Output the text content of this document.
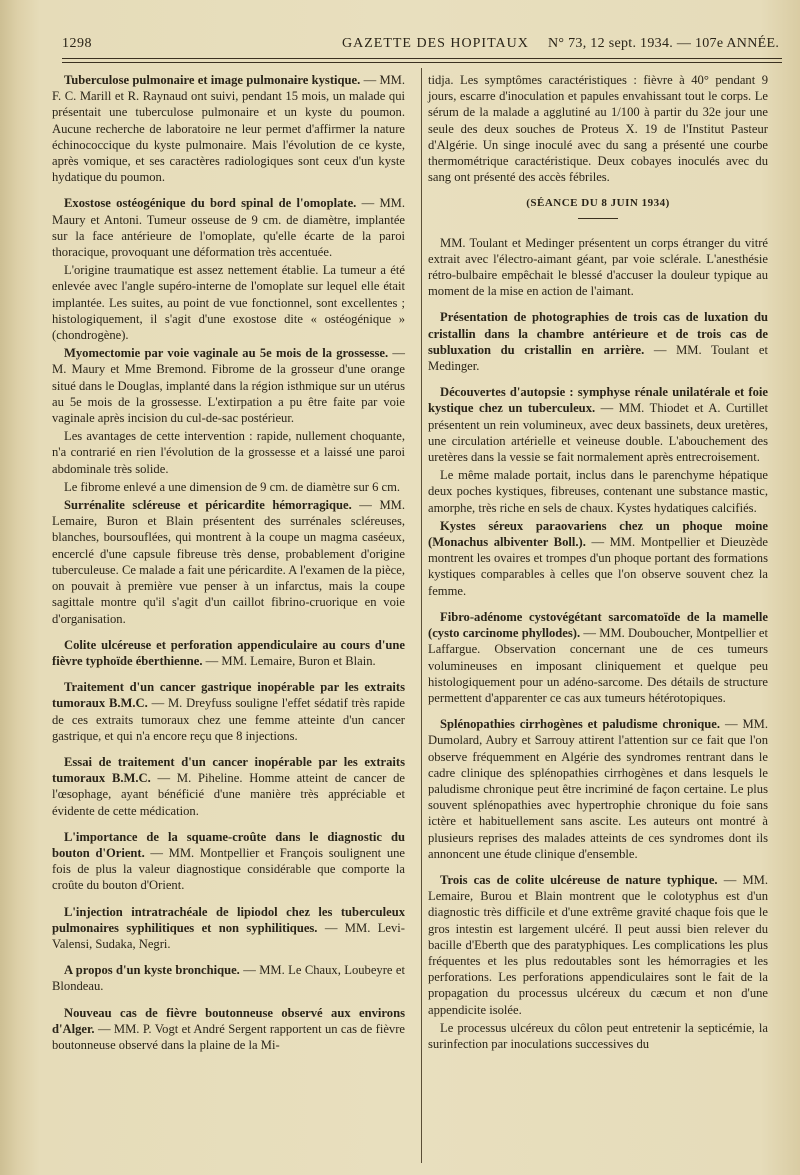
1298	GAZETTE DES HOPITAUX N° 73, 12 sept. 1934. — 107e ANNÉE.

Tuberculose pulmonaire et image pulmonaire kystique. — MM. F. C. Marill et R. Raynaud ont suivi, pendant 15 mois, un malade qui présentait une tuberculose pulmonaire et un kyste du poumon. Aucune recherche de laboratoire ne leur permet d'affirmer la nature échinococcique du kyste pulmonaire. Mais l'évolution de ce kyste, après vomique, et ses caractères radiologiques sont ceux d'un kyste hydatique du poumon.

Exostose ostéogénique du bord spinal de l'omoplate. — MM. Maury et Antoni. Tumeur osseuse de 9 cm. de diamètre, implantée sur la face antérieure de l'omoplate, qu'elle écarte de la paroi thoracique, provoquant une déformation très accentuée.

L'origine traumatique est assez nettement établie. La tumeur a été enlevée avec l'angle supéro-interne de l'omoplate sur lequel elle était implantée. Les suites, au point de vue fonctionnel, sont excellentes ; histologiquement, il s'agit d'une exostose dite « ostéogénique » (chondrogène).

Myomectomie par voie vaginale au 5e mois de la grossesse. — M. Maury et Mme Bremond. Fibrome de la grosseur d'une orange situé dans le Douglas, implanté dans la région isthmique sur un utérus au 5e mois de la grossesse. L'extirpation a pu être faite par voie vaginale après incision du cul-de-sac postérieur.

Les avantages de cette intervention : rapide, nullement choquante, n'a contrarié en rien l'évolution de la grossesse et a laissé une paroi abdominale très solide.

Le fibrome enlevé a une dimension de 9 cm. de diamètre sur 6 cm.

Surrénalite scléreuse et péricardite hémorragique. — MM. Lemaire, Buron et Blain présentent des surrénales scléreuses, blanches, boursouflées, qui montrent à la coupe un magma caséeux, encerclé d'une capsule fibreuse très dense, probablement d'origine tuberculeuse. Ce malade a fait une péricardite. A l'examen de la pièce, on pouvait à première vue penser à un infarctus, mais la coupe sagittale montre qu'il s'agit d'un caillot fibrino-cruorique en voie d'organisation.

Colite ulcéreuse et perforation appendiculaire au cours d'une fièvre typhoïde éberthienne. — MM. Lemaire, Buron et Blain.

Traitement d'un cancer gastrique inopérable par les extraits tumoraux B.M.C. — M. Dreyfuss souligne l'effet sédatif très rapide de ces extraits tumoraux chez une femme atteinte d'un cancer gastrique, et qui n'a encore reçu que 8 injections.

Essai de traitement d'un cancer inopérable par les extraits tumoraux B.M.C. — M. Piheline. Homme atteint de cancer de l'œsophage, ayant bénéficié d'une manière très appréciable et évidente de cette médication.

L'importance de la squame-croûte dans le diagnostic du bouton d'Orient. — MM. Montpellier et François soulignent une fois de plus la valeur diagnostique considérable que comporte la croûte du bouton d'Orient.

L'injection intratrachéale de lipiodol chez les tuberculeux pulmonaires syphilitiques et non syphilitiques. — MM. Levi-Valensi, Sudaka, Negri.

A propos d'un kyste bronchique. — MM. Le Chaux, Loubeyre et Blondeau.

Nouveau cas de fièvre boutonneuse observé aux environs d'Alger. — MM. P. Vogt et André Sergent rapportent un cas de fièvre boutonneuse observé dans la plaine de la Mi-

tidja. Les symptômes caractéristiques : fièvre à 40° pendant 9 jours, escarre d'inoculation et papules envahissant tout le corps. Le sérum de la malade a agglutiné au 1/100 à partir du 32e jour une seule des deux souches de Proteus X. 19 de l'Institut Pasteur d'Algérie. Un singe inoculé avec du sang a présenté une courbe thermométrique caractéristique. Deux cobayes inoculés avec du sang ont présenté des accès fébriles.

(SÉANCE DU 8 JUIN 1934)

MM. Toulant et Medinger présentent un corps étranger du vitré extrait avec l'électro-aimant géant, par voie sclérale. L'anesthésie rétro-bulbaire empêchait le blessé d'accuser la douleur typique au moment de la mise en action de l'aimant.

Présentation de photographies de trois cas de luxation du cristallin dans la chambre antérieure et de trois cas de subluxation du cristallin en arrière. — MM. Toulant et Medinger.

Découvertes d'autopsie : symphyse rénale unilatérale et foie kystique chez un tuberculeux. — MM. Thiodet et A. Curtillet présentent un rein volumineux, avec deux bassinets, deux uretères, une circulation artérielle et veineuse double. L'abouchement des uretères dans la vessie se fait normalement après entrecroisement.

Le même malade portait, inclus dans le parenchyme hépatique deux poches kystiques, fibreuses, contenant une substance mastic, amorphe, très riche en sels de chaux. Kystes hydatiques calcifiés.

Kystes séreux paraovariens chez un phoque moine (Monachus albiventer Boll.). — MM. Montpellier et Dieuzède montrent les ovaires et trompes d'un phoque portant des formations kystiques comparables à celles que l'on observe souvent chez la femme.

Fibro-adénome cystovégétant sarcomatoïde de la mamelle (cysto carcinome phyllodes). — MM. Douboucher, Montpellier et Laffargue. Observation concernant une de ces tumeurs volumineuses en imposant cliniquement et quelque peu histologiquement pour un adéno-sarcome. Des détails de structure permettent d'apparenter ce cas aux tumeurs hétérotopiques.

Splénopathies cirrhogènes et paludisme chronique. — MM. Dumolard, Aubry et Sarrouy attirent l'attention sur ce fait que l'on observe fréquemment en Algérie des syndromes rentrant dans le cadre clinique des splénopathies cirrhogènes et dans lesquels le paludisme chronique peut être incriminé de façon certaine. Le plus souvent splénopathies avec hypertrophie chronique du foie sans ictère et habituellement sans ascite. Les auteurs ont montré à plusieurs reprises des malades atteints de ces syndromes dont ils annoncent une étude clinique d'ensemble.

Trois cas de colite ulcéreuse de nature typhique. — MM. Lemaire, Burou et Blain montrent que le colotyphus est d'un diagnostic très difficile et d'une extrême gravité chaque fois que le gros intestin est largement ulcéré. Il peut aussi bien relever du bacille d'Eberth que des paratyphiques. Les complications les plus fréquentes et les plus redoutables sont les hémorragies et les perforations. Les perforations appendiculaires sont le fait de la propagation du processus ulcéreux du cæcum et non d'une appendicite isolée.

Le processus ulcéreux du côlon peut entretenir la septicémie, la surinfection par inoculations successives du
